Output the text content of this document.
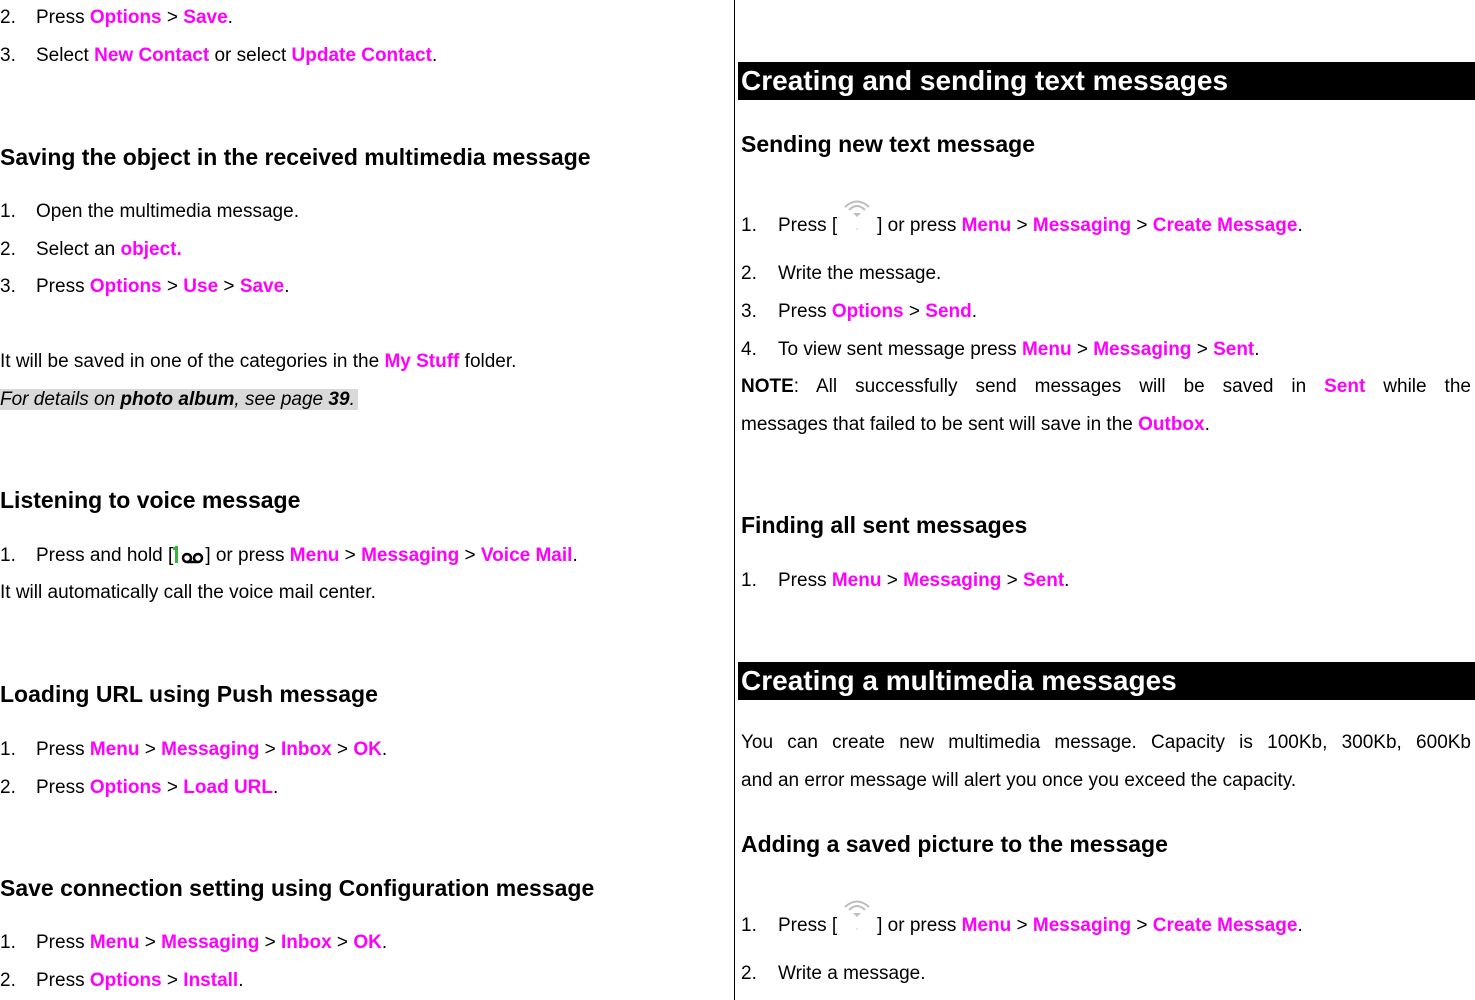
2. Press Options > Save.
3. Select New Contact or select Update Contact.
Saving the object in the received multimedia message
1. Open the multimedia message.
2. Select an object.
3. Press Options > Use > Save.
It will be saved in one of the categories in the My Stuff folder.
For details on photo album, see page 39.
Listening to voice message
1. Press and hold [ ] or press Menu > Messaging > Voice Mail.
It will automatically call the voice mail center.
Loading URL using Push message
1. Press Menu > Messaging > Inbox > OK.
2. Press Options > Load URL.
Save connection setting using Configuration message
1. Press Menu > Messaging > Inbox > OK.
2. Press Options > Install.
Creating and sending text messages
Sending new text message
1. Press [ ] or press Menu > Messaging > Create Message.
2. Write the message.
3. Press Options > Send.
4. To view sent message press Menu > Messaging > Sent.
NOTE: All successfully send messages will be saved in Sent while the
messages that failed to be sent will save in the Outbox.
Finding all sent messages
1. Press Menu > Messaging > Sent.
Creating a multimedia messages
You can create new multimedia message. Capacity is 100Kb, 300Kb, 600Kb
and an error message will alert you once you exceed the capacity.
Adding a saved picture to the message
1. Press [ ] or press Menu > Messaging > Create Message.
2. Write a message.
